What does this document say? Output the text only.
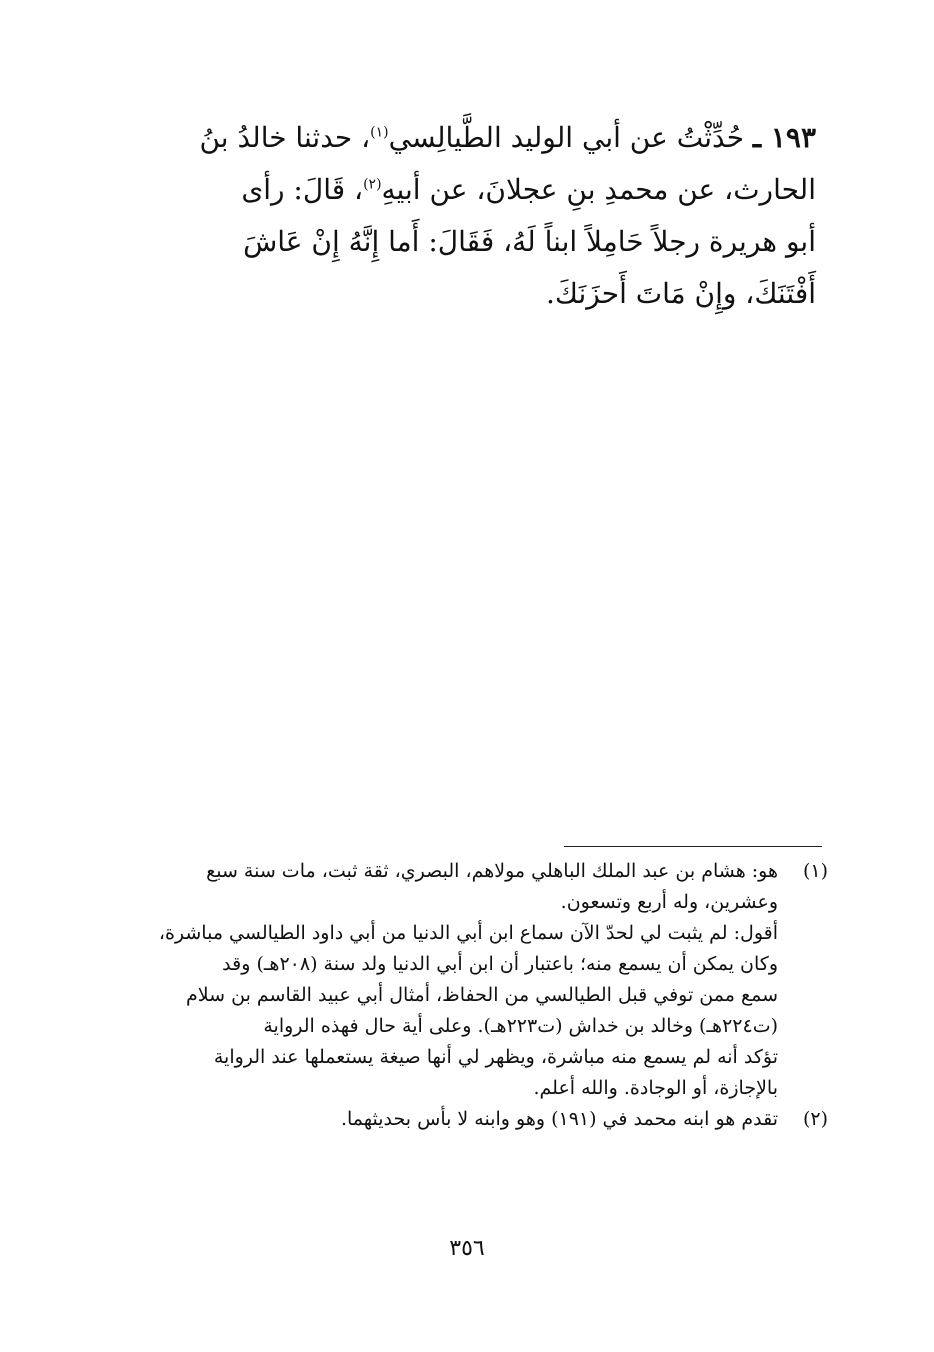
١٩٣ ـ حُدِّثْتُ عن أبي الوليد الطَّيالِسي$^{(١)}$، حدثنا خالدُ بنُ
الحارث، عن محمدِ بنِ عجلانَ، عن أبيهِ$^{(٢)}$، قَالَ: رأى
أبو هريرة رجلاً حَامِلاً ابناً لَهُ، فَقَالَ: أَما إِنَّهُ إِنْ عَاشَ
أَفْتَنَكَ، وإِنْ مَاتَ أَحزَنَكَ.
(١)
هو: هشام بن عبد الملك الباهلي مولاهم، البصري، ثقة ثبت، مات سنة سبع
وعشرين، وله أربع وتسعون.
أقول: لم يثبت لي لحدّ الآن سماع ابن أبي الدنيا من أبي داود الطيالسي مباشرة،
وكان يمكن أن يسمع منه؛ باعتبار أن ابن أبي الدنيا ولد سنة (٢٠٨هـ) وقد
سمع ممن توفي قبل الطيالسي من الحفاظ، أمثال أبي عبيد القاسم بن سلام
(ت٢٢٤هـ) وخالد بن خداش (ت٢٢٣هـ). وعلى أية حال فهذه الرواية
تؤكد أنه لم يسمع منه مباشرة، ويظهر لي أنها صيغة يستعملها عند الرواية
بالإجازة، أو الوجادة. والله أعلم.
(٢)
تقدم هو ابنه محمد في (١٩١) وهو وابنه لا بأس بحديثهما.
٣٥٦
